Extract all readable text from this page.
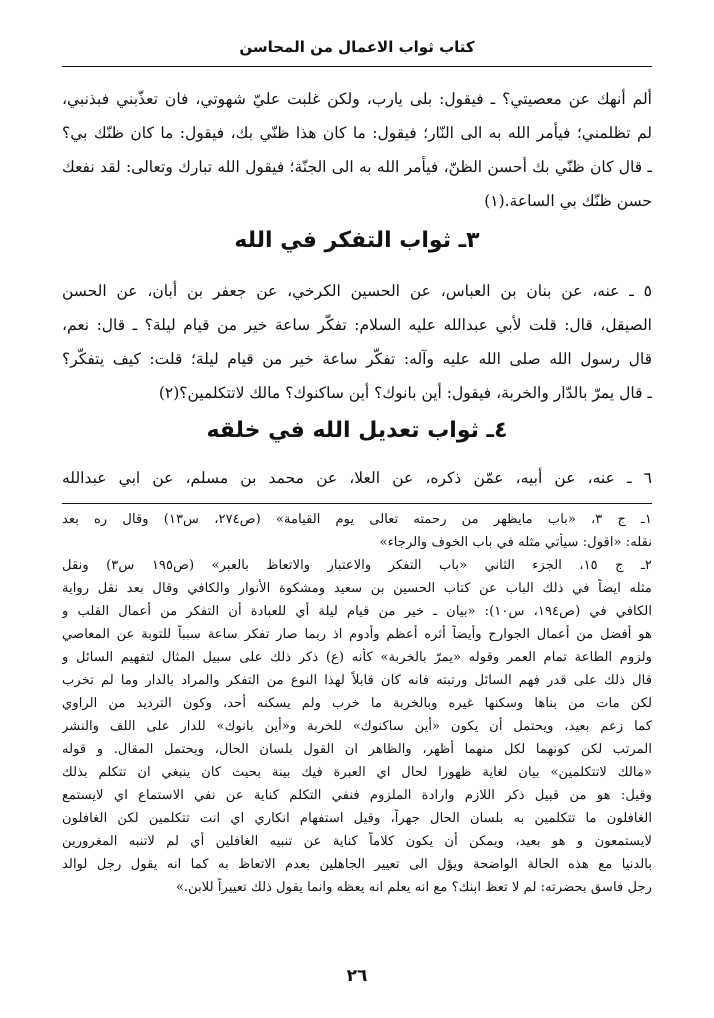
كتاب ثواب الاعمال من المحاسن
ألم أنهك عن معصيتي؟ ـ فيقول: بلى يارب، ولكن غلبت عليّ شهوتي، فان تعذّبني فبذنبي،
لم تظلمني؛ فيأمر الله به الى النّار؛ فيقول: ما كان هذا ظنّي بك، فيقول: ما كان ظنّك بي؟
ـ قال كان ظنّي بك أحسن الظنّ، فيأمر الله به الى الجنّة؛ فيقول الله تبارك وتعالى: لقد نفعك
حسن ظنّك بي الساعة.(١)
٣ـ ثواب التفكر في الله
٥ ـ عنه، عن بنان بن العباس، عن الحسين الكرخي، عن جعفر بن أبان، عن الحسن
الصيقل، قال: قلت لأبي عبدالله عليه السلام: تفكّر ساعة خير من قيام ليلة؟ ـ قال: نعم،
قال رسول الله صلى الله عليه وآله: تفكّر ساعة خير من قيام ليلة؛ قلت: كيف يتفكّر؟
ـ قال يمرّ بالدّار والخربة، فيقول: أين بانوك؟ أين ساكنوك؟ مالك لاتتكلمين؟(٢)
٤ـ ثواب تعديل الله في خلقه
٦ ـ عنه، عن أبيه، عمّن ذكره، عن العلا، عن محمد بن مسلم، عن ابي عبدالله
١ـ ج ٣، «باب مايظهر من رحمته تعالى يوم القيامة» (ص٢٧٤، س١٣) وقال ره بعد
نقله: «اقول: سيأتي مثله في باب الخوف والرجاء»
٢ـ ج ١٥، الجزء الثاني «باب التفكر والاعتبار والاتعاظ بالعبر» (ص١٩٥ س٣) ونقل
مثله ايضاً في ذلك الباب عن كتاب الحسين بن سعيد ومشكوة الأنوار والكافي وقال بعد نقل رواية
الكافي في (ص١٩٤، س١٠): «بيان ـ خير من قيام ليلة أي للعبادة أن التفكر من أعمال القلب و
هو أفضل من أعمال الجوارح وأيضاً أثره أعظم وأدوم اذ ربما صار تفكر ساعة سبباً للتوبة عن المعاصي
ولزوم الطاعة تمام العمر وقوله «يمرّ بالخربة» كأنه (ع) ذكر ذلك على سبيل المثال لتفهيم السائل و
قال ذلك على قدر فهم السائل ورتبته فانه كان قابلاً لهذا النوع من التفكر والمراد بالدار وما لم تخرب
لكن مات من بناها وسكنها غيره وبالخربة ما خرب ولم يسكنه أحد، وكون الترديد من الراوي
كما زعم بعيد، ويحتمل أن يكون «أين ساكنوك» للخربة و«أين بانوك» للدار على اللف والنشر
المرتب لكن كونهما لكل منهما أظهر، والظاهر ان القول بلسان الحال، ويحتمل المقال. و قوله
«مالك لاتتكلمين» بيان لغاية ظهورا لحال اي العبرة فيك بينة بحيث كان ينبغي ان تتكلم بذلك
وقيل: هو من قبيل ذكر اللازم وارادة الملزوم فنفي التكلم كناية عن نفي الاستماع اي لايستمع
الغافلون ما تتكلمين به بلسان الحال جهراً، وقيل استفهام انكاري اي انت تتكلمين لكن الغافلون
لايستمعون و هو بعيد، ويمكن أن يكون كلاماً كناية عن تنبيه الغافلين أي لم لاتنبه المغرورين
بالدنيا مع هذه الحالة الواضحة ويؤل الى تعيير الجاهلين بعدم الاتعاظ به كما انه يقول رجل لوالد
رجل فاسق بحضرته: لم لا تعظ ابنك؟ مع انه يعلم انه يعظه وانما يقول ذلك تعييراً للابن.»
٢٦
